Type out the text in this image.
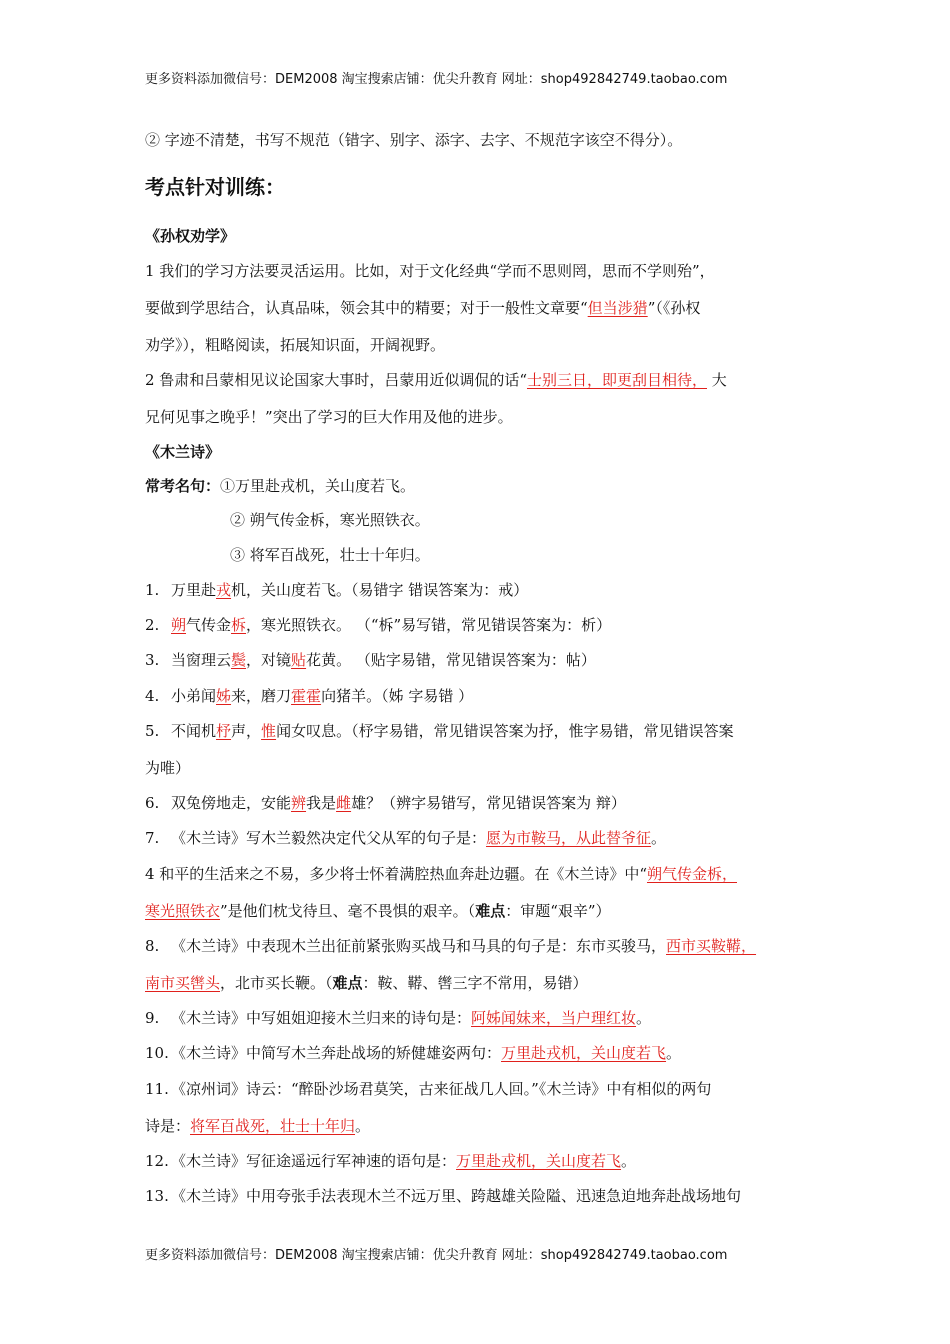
更多资料添加微信号：DEM2008 淘宝搜索店铺：优尖升教育 网址：shop492842749.taobao.com
② 字迹不清楚，书写不规范（错字、别字、添字、去字、不规范字该空不得分）。
考点针对训练：
《孙权劝学》
1 我们的学习方法要灵活运用。比如，对于文化经典“学而不思则罔，思而不学则殆”，
要做到学思结合，认真品味，领会其中的精要；对于一般性文章要“但当涉猎”（《孙权
劝学》），粗略阅读，拓展知识面，开阔视野。
2 鲁肃和吕蒙相见议论国家大事时，吕蒙用近似调侃的话“士别三日，即更刮目相待， 大
兄何见事之晚乎！”突出了学习的巨大作用及他的进步。
《木兰诗》
常考名句：①万里赴戎机，关山度若飞。
② 朔气传金柝，寒光照铁衣。
③ 将军百战死，壮士十年归。
1. 万里赴戎机，关山度若飞。（易错字 错误答案为：戒）
2. 朔气传金柝，寒光照铁衣。 （“柝”易写错，常见错误答案为：析）
3. 当窗理云鬓，对镜贴花黄。 （贴字易错，常见错误答案为：帖）
4. 小弟闻姊来，磨刀霍霍向猪羊。（姊 字易错 ）
5. 不闻机杼声，惟闻女叹息。（杼字易错，常见错误答案为抒，惟字易错，常见错误答案
为唯）
6. 双兔傍地走，安能辨我是雌雄？（辨字易错写，常见错误答案为 辩）
7. 《木兰诗》写木兰毅然决定代父从军的句子是：愿为市鞍马，从此替爷征。
4 和平的生活来之不易，多少将士怀着满腔热血奔赴边疆。在《木兰诗》中“朔气传金柝，
寒光照铁衣”是他们枕戈待旦、毫不畏惧的艰辛。（难点：审题“艰辛”）
8. 《木兰诗》中表现木兰出征前紧张购买战马和马具的句子是：东市买骏马，西市买鞍鞯，
南市买辔头，北市买长鞭。（难点：鞍、鞯、辔三字不常用，易错）
9. 《木兰诗》中写姐姐迎接木兰归来的诗句是：阿姊闻妹来，当户理红妆。
10. 《木兰诗》中简写木兰奔赴战场的矫健雄姿两句：万里赴戎机，关山度若飞。
11. 《凉州词》诗云：“醉卧沙场君莫笑，古来征战几人回。”《木兰诗》中有相似的两句
诗是：将军百战死，壮士十年归。
12. 《木兰诗》写征途遥远行军神速的语句是：万里赴戎机，关山度若飞。
13. 《木兰诗》中用夸张手法表现木兰不远万里、跨越雄关险隘、迅速急迫地奔赴战场地句
更多资料添加微信号：DEM2008 淘宝搜索店铺：优尖升教育 网址：shop492842749.taobao.com
